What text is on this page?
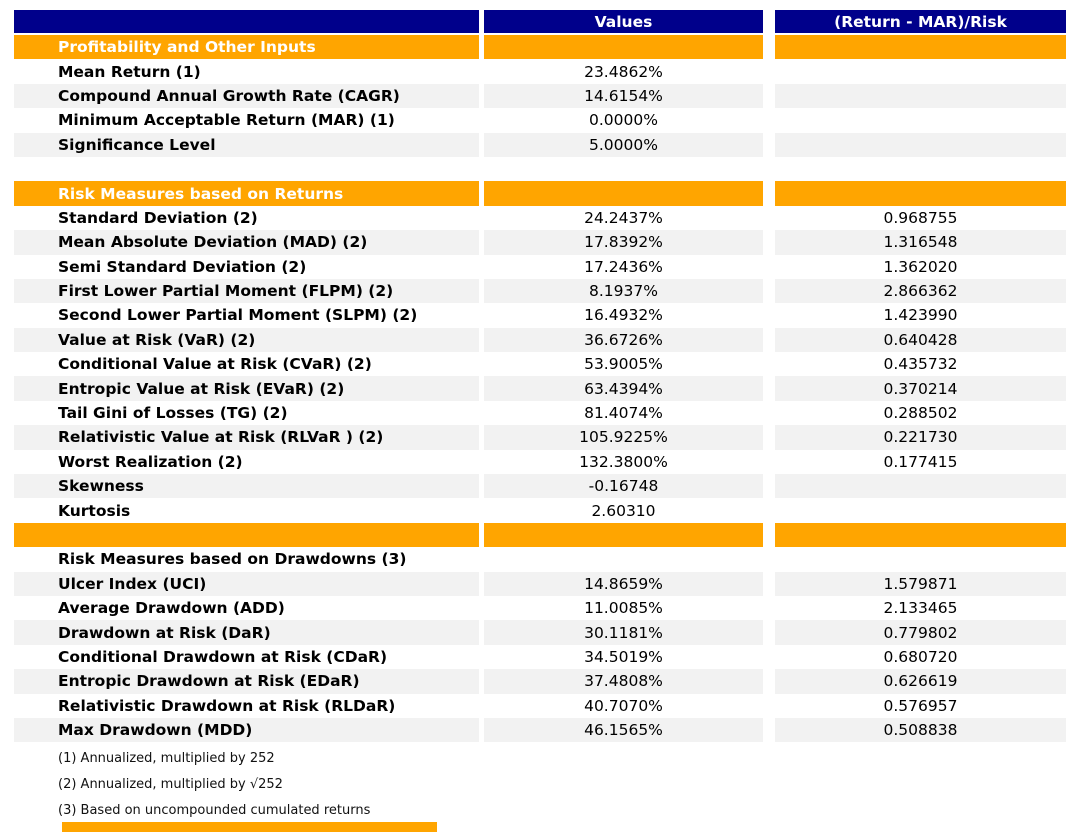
Values	(Return - MAR)/Risk
Profitability and Other Inputs
Mean Return (1)	23.4862%
Compound Annual Growth Rate (CAGR)	14.6154%
Minimum Acceptable Return (MAR) (1)	0.0000%
Significance Level	5.0000%
Risk Measures based on Returns
Standard Deviation (2)	24.2437%	0.968755
Mean Absolute Deviation (MAD) (2)	17.8392%	1.316548
Semi Standard Deviation (2)	17.2436%	1.362020
First Lower Partial Moment (FLPM) (2)	8.1937%	2.866362
Second Lower Partial Moment (SLPM) (2)	16.4932%	1.423990
Value at Risk (VaR) (2)	36.6726%	0.640428
Conditional Value at Risk (CVaR) (2)	53.9005%	0.435732
Entropic Value at Risk (EVaR) (2)	63.4394%	0.370214
Tail Gini of Losses (TG) (2)	81.4074%	0.288502
Relativistic Value at Risk (RLVaR ) (2)	105.9225%	0.221730
Worst Realization (2)	132.3800%	0.177415
Skewness	-0.16748
Kurtosis	2.60310
Risk Measures based on Drawdowns (3)
Ulcer Index (UCI)	14.8659%	1.579871
Average Drawdown (ADD)	11.0085%	2.133465
Drawdown at Risk (DaR)	30.1181%	0.779802
Conditional Drawdown at Risk (CDaR)	34.5019%	0.680720
Entropic Drawdown at Risk (EDaR)	37.4808%	0.626619
Relativistic Drawdown at Risk (RLDaR)	40.7070%	0.576957
Max Drawdown (MDD)	46.1565%	0.508838
(1) Annualized, multiplied by 252
(2) Annualized, multiplied by √252
(3) Based on uncompounded cumulated returns
